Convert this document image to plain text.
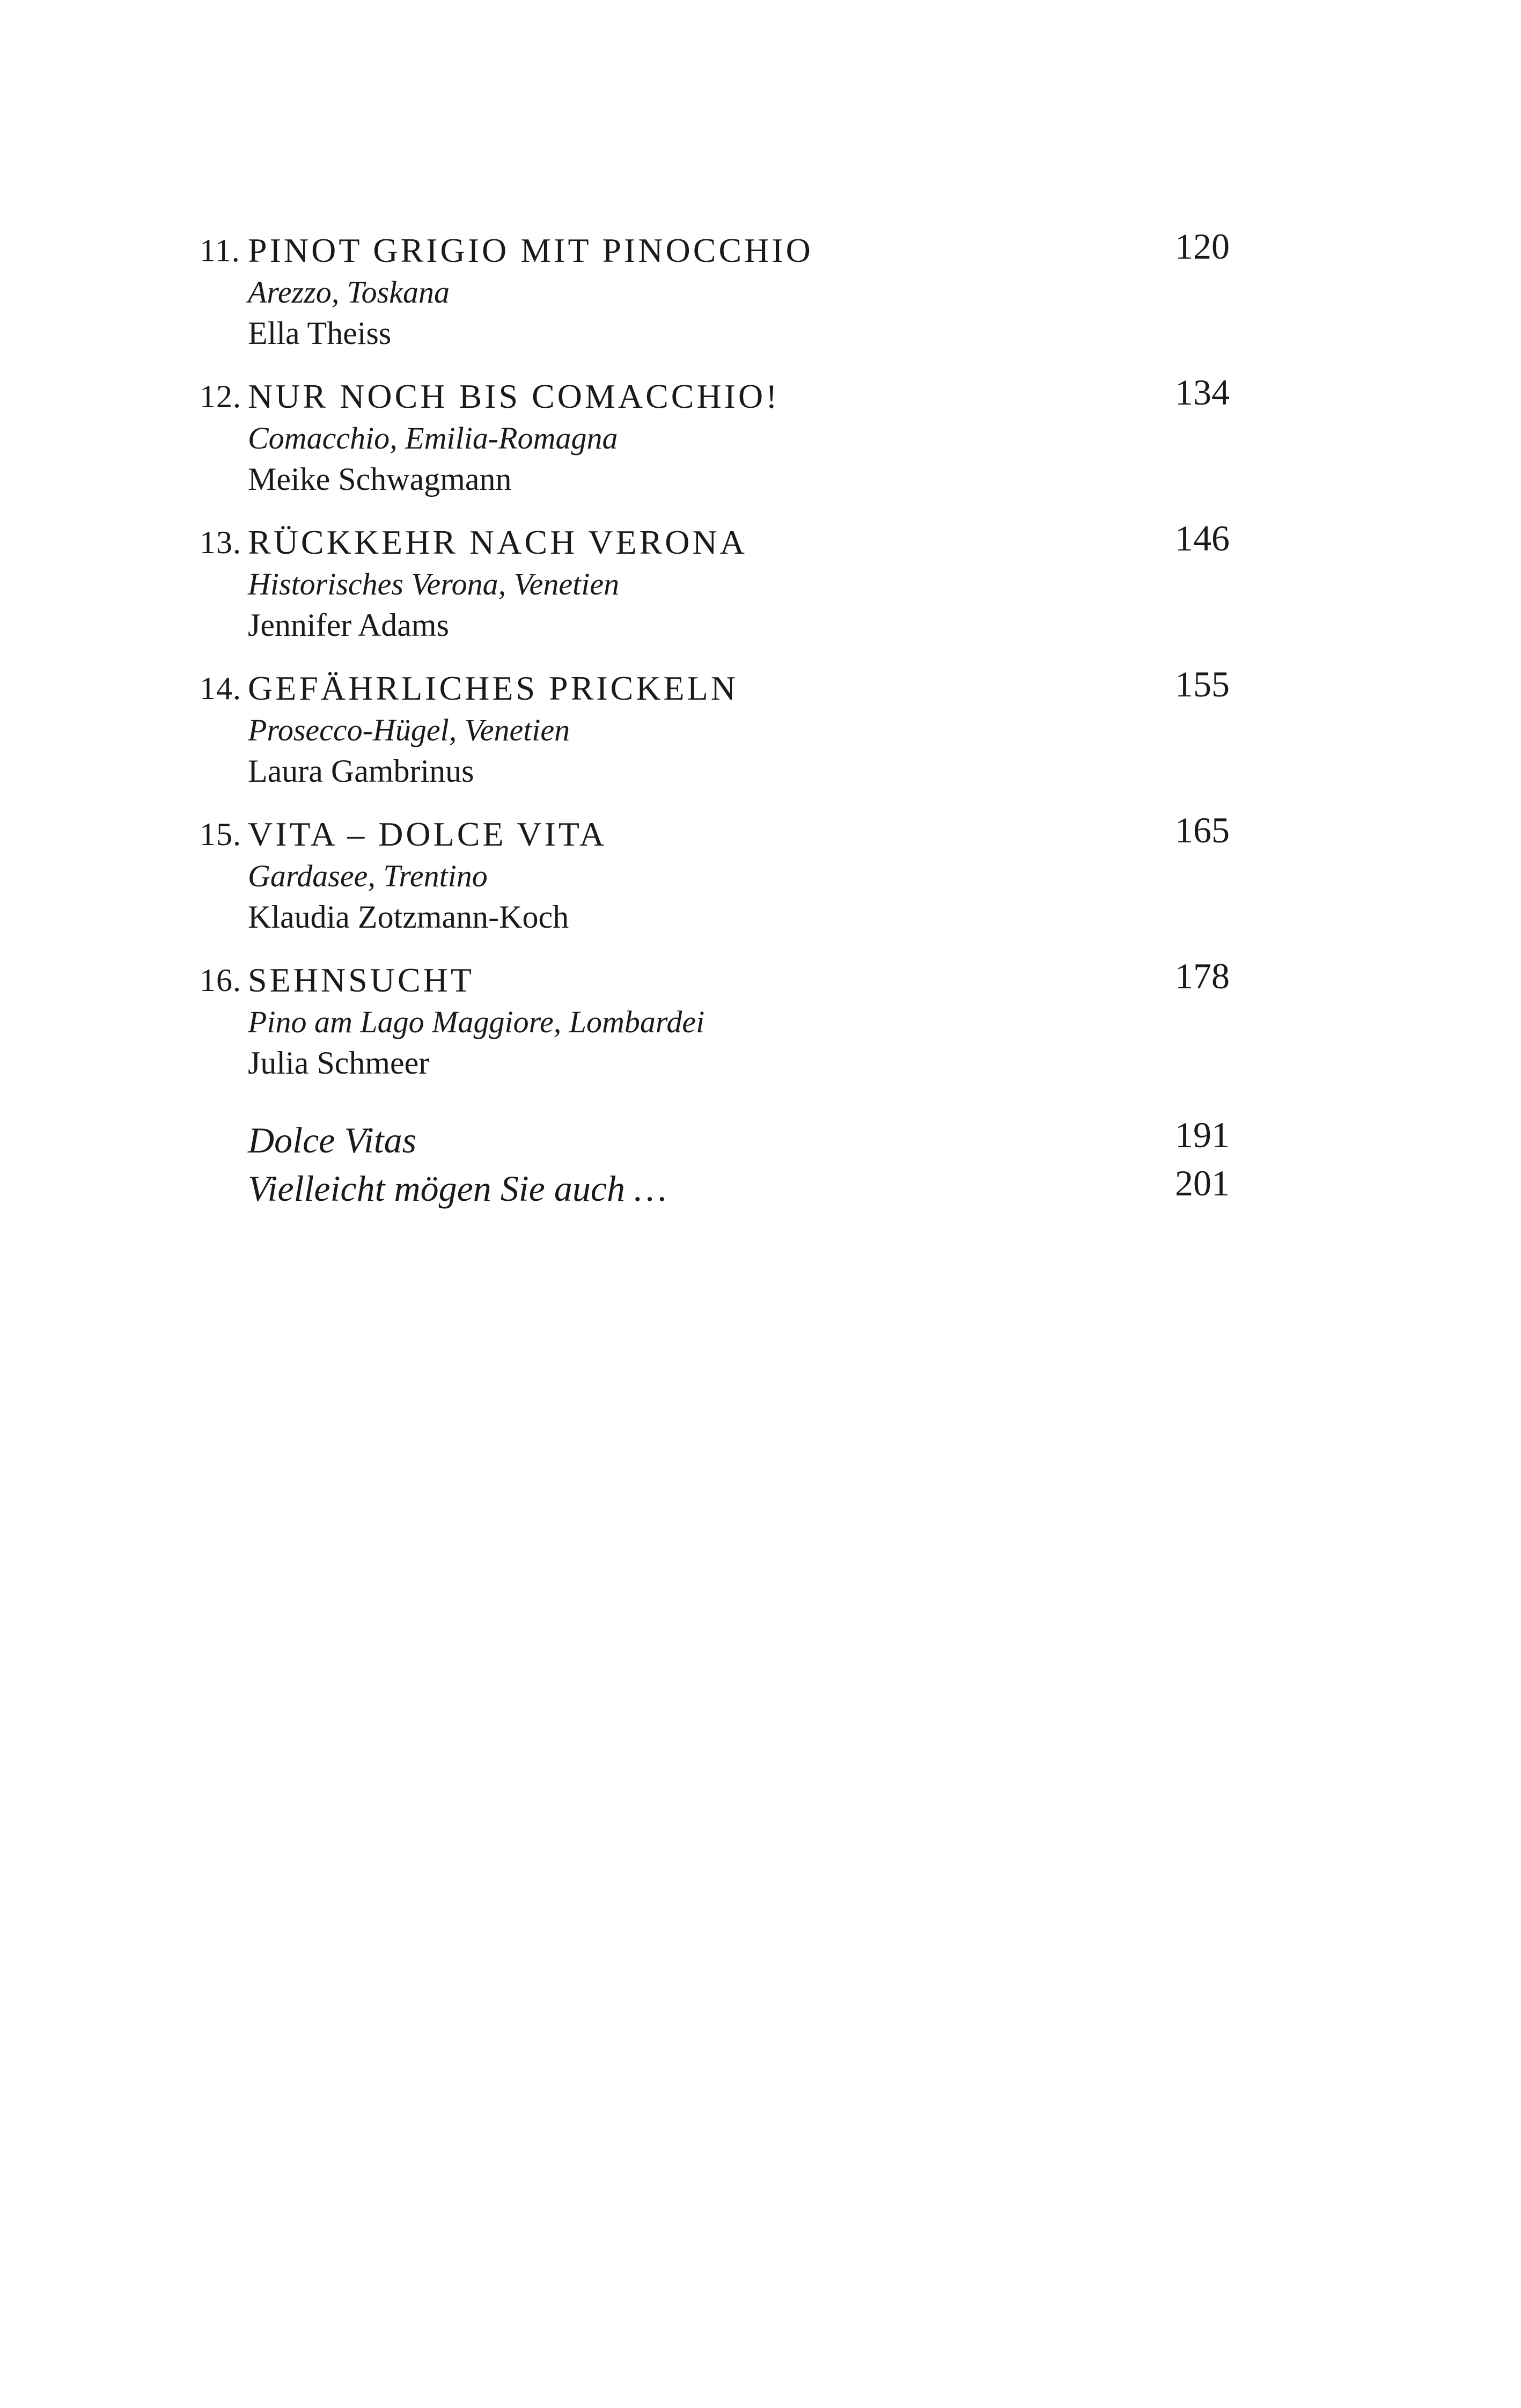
11. PINOT GRIGIO MIT PINOCCHIO	120
Arezzo, Toskana
Ella Theiss
12. NUR NOCH BIS COMACCHIO!	134
Comacchio, Emilia-Romagna
Meike Schwagmann
13. RÜCKKEHR NACH VERONA	146
Historisches Verona, Venetien
Jennifer Adams
14. GEFÄHRLICHES PRICKELN	155
Prosecco-Hügel, Venetien
Laura Gambrinus
15. VITA – DOLCE VITA	165
Gardasee, Trentino
Klaudia Zotzmann-Koch
16. SEHNSUCHT	178
Pino am Lago Maggiore, Lombardei
Julia Schmeer
Dolce Vitas	191
Vielleicht mögen Sie auch …	201
